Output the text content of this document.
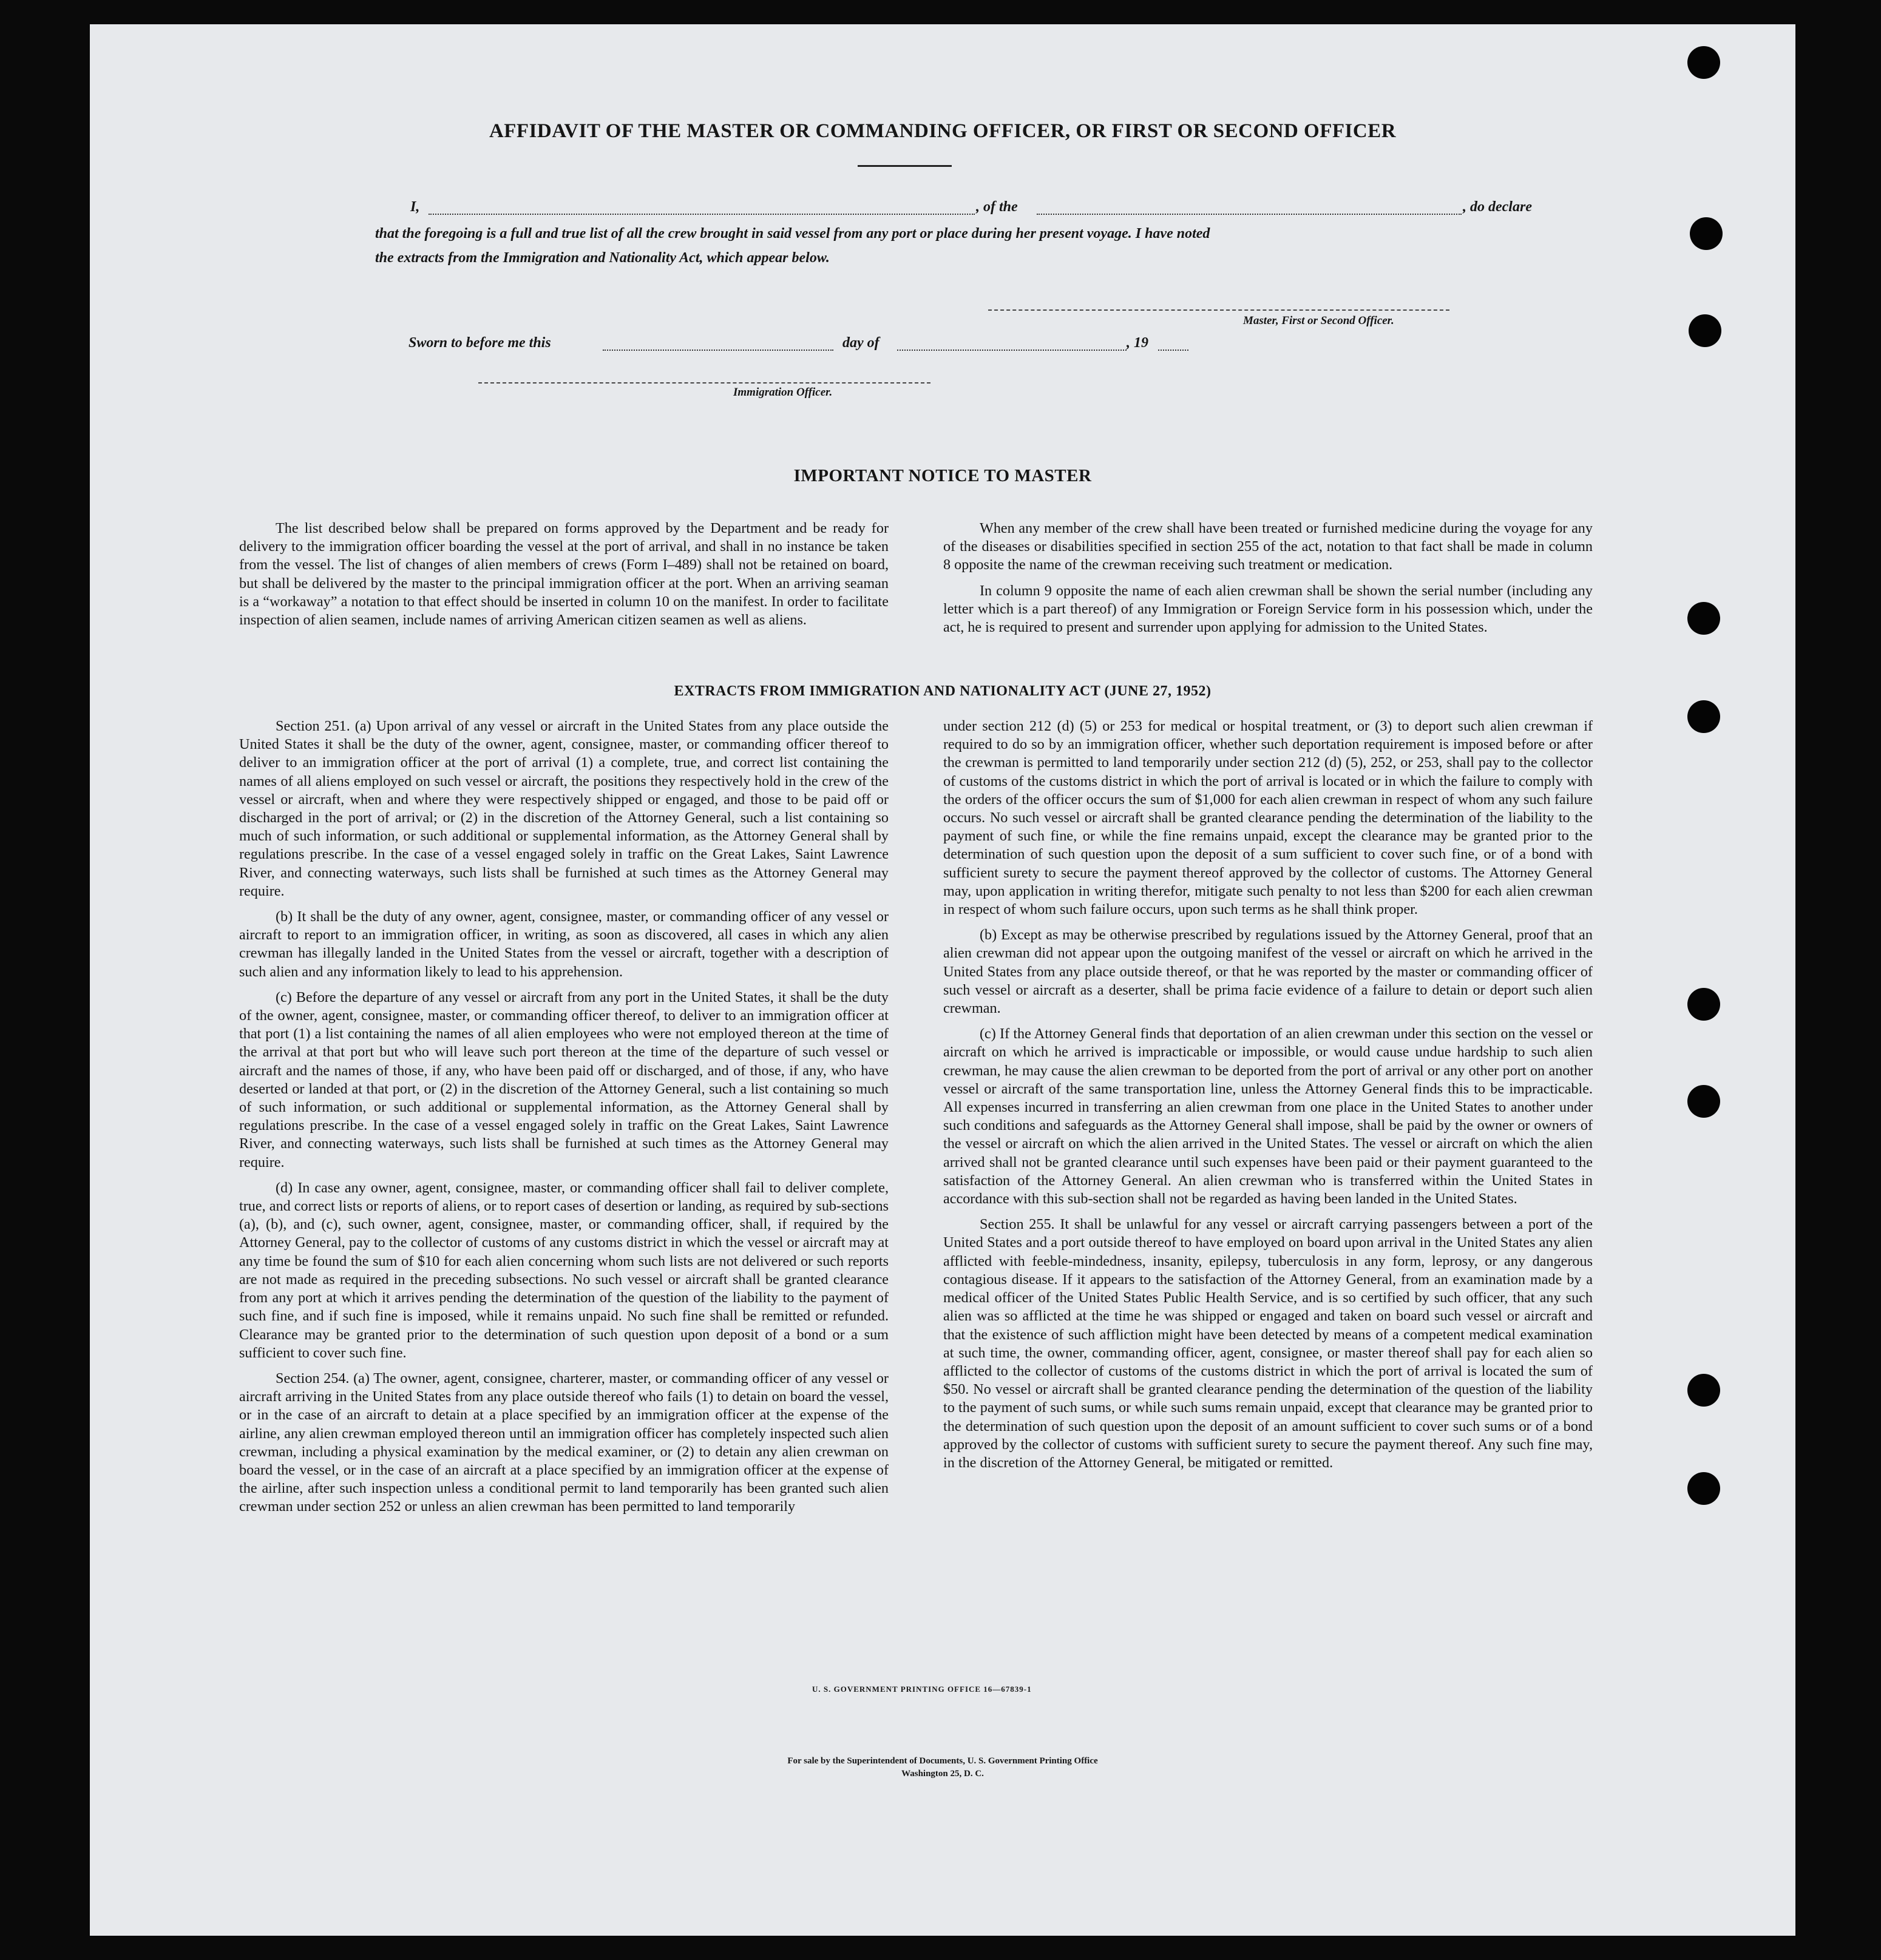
AFFIDAVIT OF THE MASTER OR COMMANDING OFFICER, OR FIRST OR SECOND OFFICER
I,	, of the	, do declare
that the foregoing is a full and true list of all the crew brought in said vessel from any port or place during her present voyage. I have noted
the extracts from the Immigration and Nationality Act, which appear below.
Master, First or Second Officer.
Sworn to before me this	day of	, 19
Immigration Officer.
IMPORTANT NOTICE TO MASTER

The list described below shall be prepared on forms approved by the Department and be ready for delivery to the immigration officer boarding the vessel at the port of arrival, and shall in no instance be taken from the vessel. The list of changes of alien members of crews (Form I–489) shall not be retained on board, but shall be delivered by the master to the principal immigration officer at the port. When an arriving seaman is a “workaway” a notation to that effect should be inserted in column 10 on the manifest. In order to facilitate inspection of alien seamen, include names of arriving American citizen seamen as well as aliens.

When any member of the crew shall have been treated or furnished medicine during the voyage for any of the diseases or disabilities specified in section 255 of the act, notation to that fact shall be made in column 8 opposite the name of the crewman receiving such treatment or medication.

In column 9 opposite the name of each alien crewman shall be shown the serial number (including any letter which is a part thereof) of any Immigration or Foreign Service form in his possession which, under the act, he is required to present and surrender upon applying for admission to the United States.

EXTRACTS FROM IMMIGRATION AND NATIONALITY ACT (JUNE 27, 1952)

Section 251. (a) Upon arrival of any vessel or aircraft in the United States from any place outside the United States it shall be the duty of the owner, agent, consignee, master, or commanding officer thereof to deliver to an immigration officer at the port of arrival (1) a complete, true, and correct list containing the names of all aliens employed on such vessel or aircraft, the positions they respectively hold in the crew of the vessel or aircraft, when and where they were respectively shipped or engaged, and those to be paid off or discharged in the port of arrival; or (2) in the discretion of the Attorney General, such a list containing so much of such information, or such additional or supplemental information, as the Attorney General shall by regulations prescribe. In the case of a vessel engaged solely in traffic on the Great Lakes, Saint Lawrence River, and connecting waterways, such lists shall be furnished at such times as the Attorney General may require.

(b) It shall be the duty of any owner, agent, consignee, master, or commanding officer of any vessel or aircraft to report to an immigration officer, in writing, as soon as discovered, all cases in which any alien crewman has illegally landed in the United States from the vessel or aircraft, together with a description of such alien and any information likely to lead to his apprehension.

(c) Before the departure of any vessel or aircraft from any port in the United States, it shall be the duty of the owner, agent, consignee, master, or commanding officer thereof, to deliver to an immigration officer at that port (1) a list containing the names of all alien employees who were not employed thereon at the time of the arrival at that port but who will leave such port thereon at the time of the departure of such vessel or aircraft and the names of those, if any, who have been paid off or discharged, and of those, if any, who have deserted or landed at that port, or (2) in the discretion of the Attorney General, such a list containing so much of such information, or such additional or supplemental information, as the Attorney General shall by regulations prescribe. In the case of a vessel engaged solely in traffic on the Great Lakes, Saint Lawrence River, and connecting waterways, such lists shall be furnished at such times as the Attorney General may require.

(d) In case any owner, agent, consignee, master, or commanding officer shall fail to deliver complete, true, and correct lists or reports of aliens, or to report cases of desertion or landing, as required by sub-sections (a), (b), and (c), such owner, agent, consignee, master, or commanding officer, shall, if required by the Attorney General, pay to the collector of customs of any customs district in which the vessel or aircraft may at any time be found the sum of $10 for each alien concerning whom such lists are not delivered or such reports are not made as required in the preceding subsections. No such vessel or aircraft shall be granted clearance from any port at which it arrives pending the determination of the question of the liability to the payment of such fine, and if such fine is imposed, while it remains unpaid. No such fine shall be remitted or refunded. Clearance may be granted prior to the determination of such question upon deposit of a bond or a sum sufficient to cover such fine.

Section 254. (a) The owner, agent, consignee, charterer, master, or commanding officer of any vessel or aircraft arriving in the United States from any place outside thereof who fails (1) to detain on board the vessel, or in the case of an aircraft to detain at a place specified by an immigration officer at the expense of the airline, any alien crewman employed thereon until an immigration officer has completely inspected such alien crewman, including a physical examination by the medical examiner, or (2) to detain any alien crewman on board the vessel, or in the case of an aircraft at a place specified by an immigration officer at the expense of the airline, after such inspection unless a conditional permit to land temporarily has been granted such alien crewman under section 252 or unless an alien crewman has been permitted to land temporarily

under section 212 (d) (5) or 253 for medical or hospital treatment, or (3) to deport such alien crewman if required to do so by an immigration officer, whether such deportation requirement is imposed before or after the crewman is permitted to land temporarily under section 212 (d) (5), 252, or 253, shall pay to the collector of customs of the customs district in which the port of arrival is located or in which the failure to comply with the orders of the officer occurs the sum of $1,000 for each alien crewman in respect of whom any such failure occurs. No such vessel or aircraft shall be granted clearance pending the determination of the liability to the payment of such fine, or while the fine remains unpaid, except the clearance may be granted prior to the determination of such question upon the deposit of a sum sufficient to cover such fine, or of a bond with sufficient surety to secure the payment thereof approved by the collector of customs. The Attorney General may, upon application in writing therefor, mitigate such penalty to not less than $200 for each alien crewman in respect of whom such failure occurs, upon such terms as he shall think proper.

(b) Except as may be otherwise prescribed by regulations issued by the Attorney General, proof that an alien crewman did not appear upon the outgoing manifest of the vessel or aircraft on which he arrived in the United States from any place outside thereof, or that he was reported by the master or commanding officer of such vessel or aircraft as a deserter, shall be prima facie evidence of a failure to detain or deport such alien crewman.

(c) If the Attorney General finds that deportation of an alien crewman under this section on the vessel or aircraft on which he arrived is impracticable or impossible, or would cause undue hardship to such alien crewman, he may cause the alien crewman to be deported from the port of arrival or any other port on another vessel or aircraft of the same transportation line, unless the Attorney General finds this to be impracticable. All expenses incurred in transferring an alien crewman from one place in the United States to another under such conditions and safeguards as the Attorney General shall impose, shall be paid by the owner or owners of the vessel or aircraft on which the alien arrived in the United States. The vessel or aircraft on which the alien arrived shall not be granted clearance until such expenses have been paid or their payment guaranteed to the satisfaction of the Attorney General. An alien crewman who is transferred within the United States in accordance with this sub-section shall not be regarded as having been landed in the United States.

Section 255. It shall be unlawful for any vessel or aircraft carrying passengers between a port of the United States and a port outside thereof to have employed on board upon arrival in the United States any alien afflicted with feeble-mindedness, insanity, epilepsy, tuberculosis in any form, leprosy, or any dangerous contagious disease. If it appears to the satisfaction of the Attorney General, from an examination made by a medical officer of the United States Public Health Service, and is so certified by such officer, that any such alien was so afflicted at the time he was shipped or engaged and taken on board such vessel or aircraft and that the existence of such affliction might have been detected by means of a competent medical examination at such time, the owner, commanding officer, agent, consignee, or master thereof shall pay for each alien so afflicted to the collector of customs of the customs district in which the port of arrival is located the sum of $50. No vessel or aircraft shall be granted clearance pending the determination of the question of the liability to the payment of such sums, or while such sums remain unpaid, except that clearance may be granted prior to the determination of such question upon the deposit of an amount sufficient to cover such sums or of a bond approved by the collector of customs with sufficient surety to secure the payment thereof. Any such fine may, in the discretion of the Attorney General, be mitigated or remitted.

U. S. GOVERNMENT PRINTING OFFICE 16—67839-1
For sale by the Superintendent of Documents, U. S. Government Printing Office
Washington 25, D. C.
